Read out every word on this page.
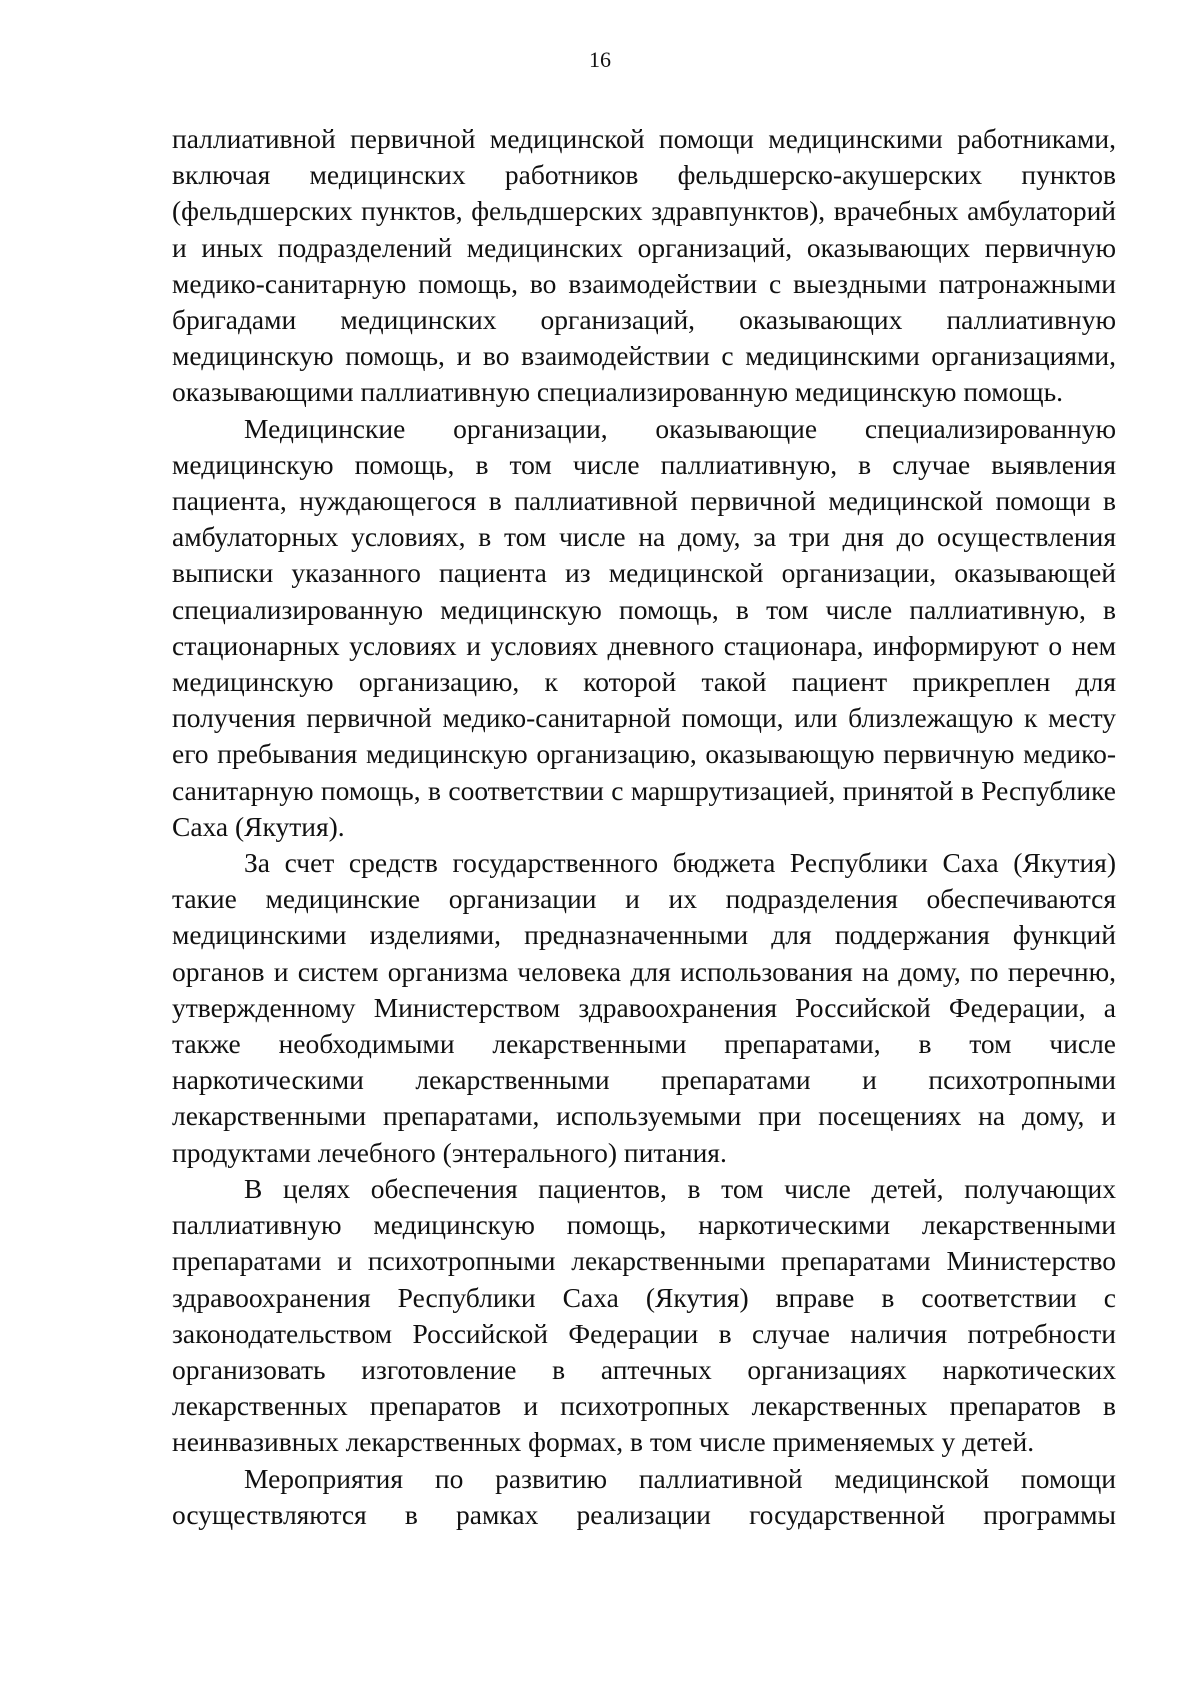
16

паллиативной первичной медицинской помощи медицинскими работниками, включая медицинских работников фельдшерско-акушерских пунктов (фельдшерских пунктов, фельдшерских здравпунктов), врачебных амбулаторий и иных подразделений медицинских организаций, оказывающих первичную медико-санитарную помощь, во взаимодействии с выездными патронажными бригадами медицинских организаций, оказывающих паллиативную медицинскую помощь, и во взаимодействии с медицинскими организациями, оказывающими паллиативную специализированную медицинскую помощь.

Медицинские организации, оказывающие специализированную медицинскую помощь, в том числе паллиативную, в случае выявления пациента, нуждающегося в паллиативной первичной медицинской помощи в амбулаторных условиях, в том числе на дому, за три дня до осуществления выписки указанного пациента из медицинской организации, оказывающей специализированную медицинскую помощь, в том числе паллиативную, в стационарных условиях и условиях дневного стационара, информируют о нем медицинскую организацию, к которой такой пациент прикреплен для получения первичной медико-санитарной помощи, или близлежащую к месту его пребывания медицинскую организацию, оказывающую первичную медико-санитарную помощь, в соответствии с маршрутизацией, принятой в Республике Саха (Якутия).

За счет средств государственного бюджета Республики Саха (Якутия) такие медицинские организации и их подразделения обеспечиваются медицинскими изделиями, предназначенными для поддержания функций органов и систем организма человека для использования на дому, по перечню, утвержденному Министерством здравоохранения Российской Федерации, а также необходимыми лекарственными препаратами, в том числе наркотическими лекарственными препаратами и психотропными лекарственными препаратами, используемыми при посещениях на дому, и продуктами лечебного (энтерального) питания.

В целях обеспечения пациентов, в том числе детей, получающих паллиативную медицинскую помощь, наркотическими лекарственными препаратами и психотропными лекарственными препаратами Министерство здравоохранения Республики Саха (Якутия) вправе в соответствии с законодательством Российской Федерации в случае наличия потребности организовать изготовление в аптечных организациях наркотических лекарственных препаратов и психотропных лекарственных препаратов в неинвазивных лекарственных формах, в том числе применяемых у детей.

Мероприятия по развитию паллиативной медицинской помощи осуществляются в рамках реализации государственной программы
